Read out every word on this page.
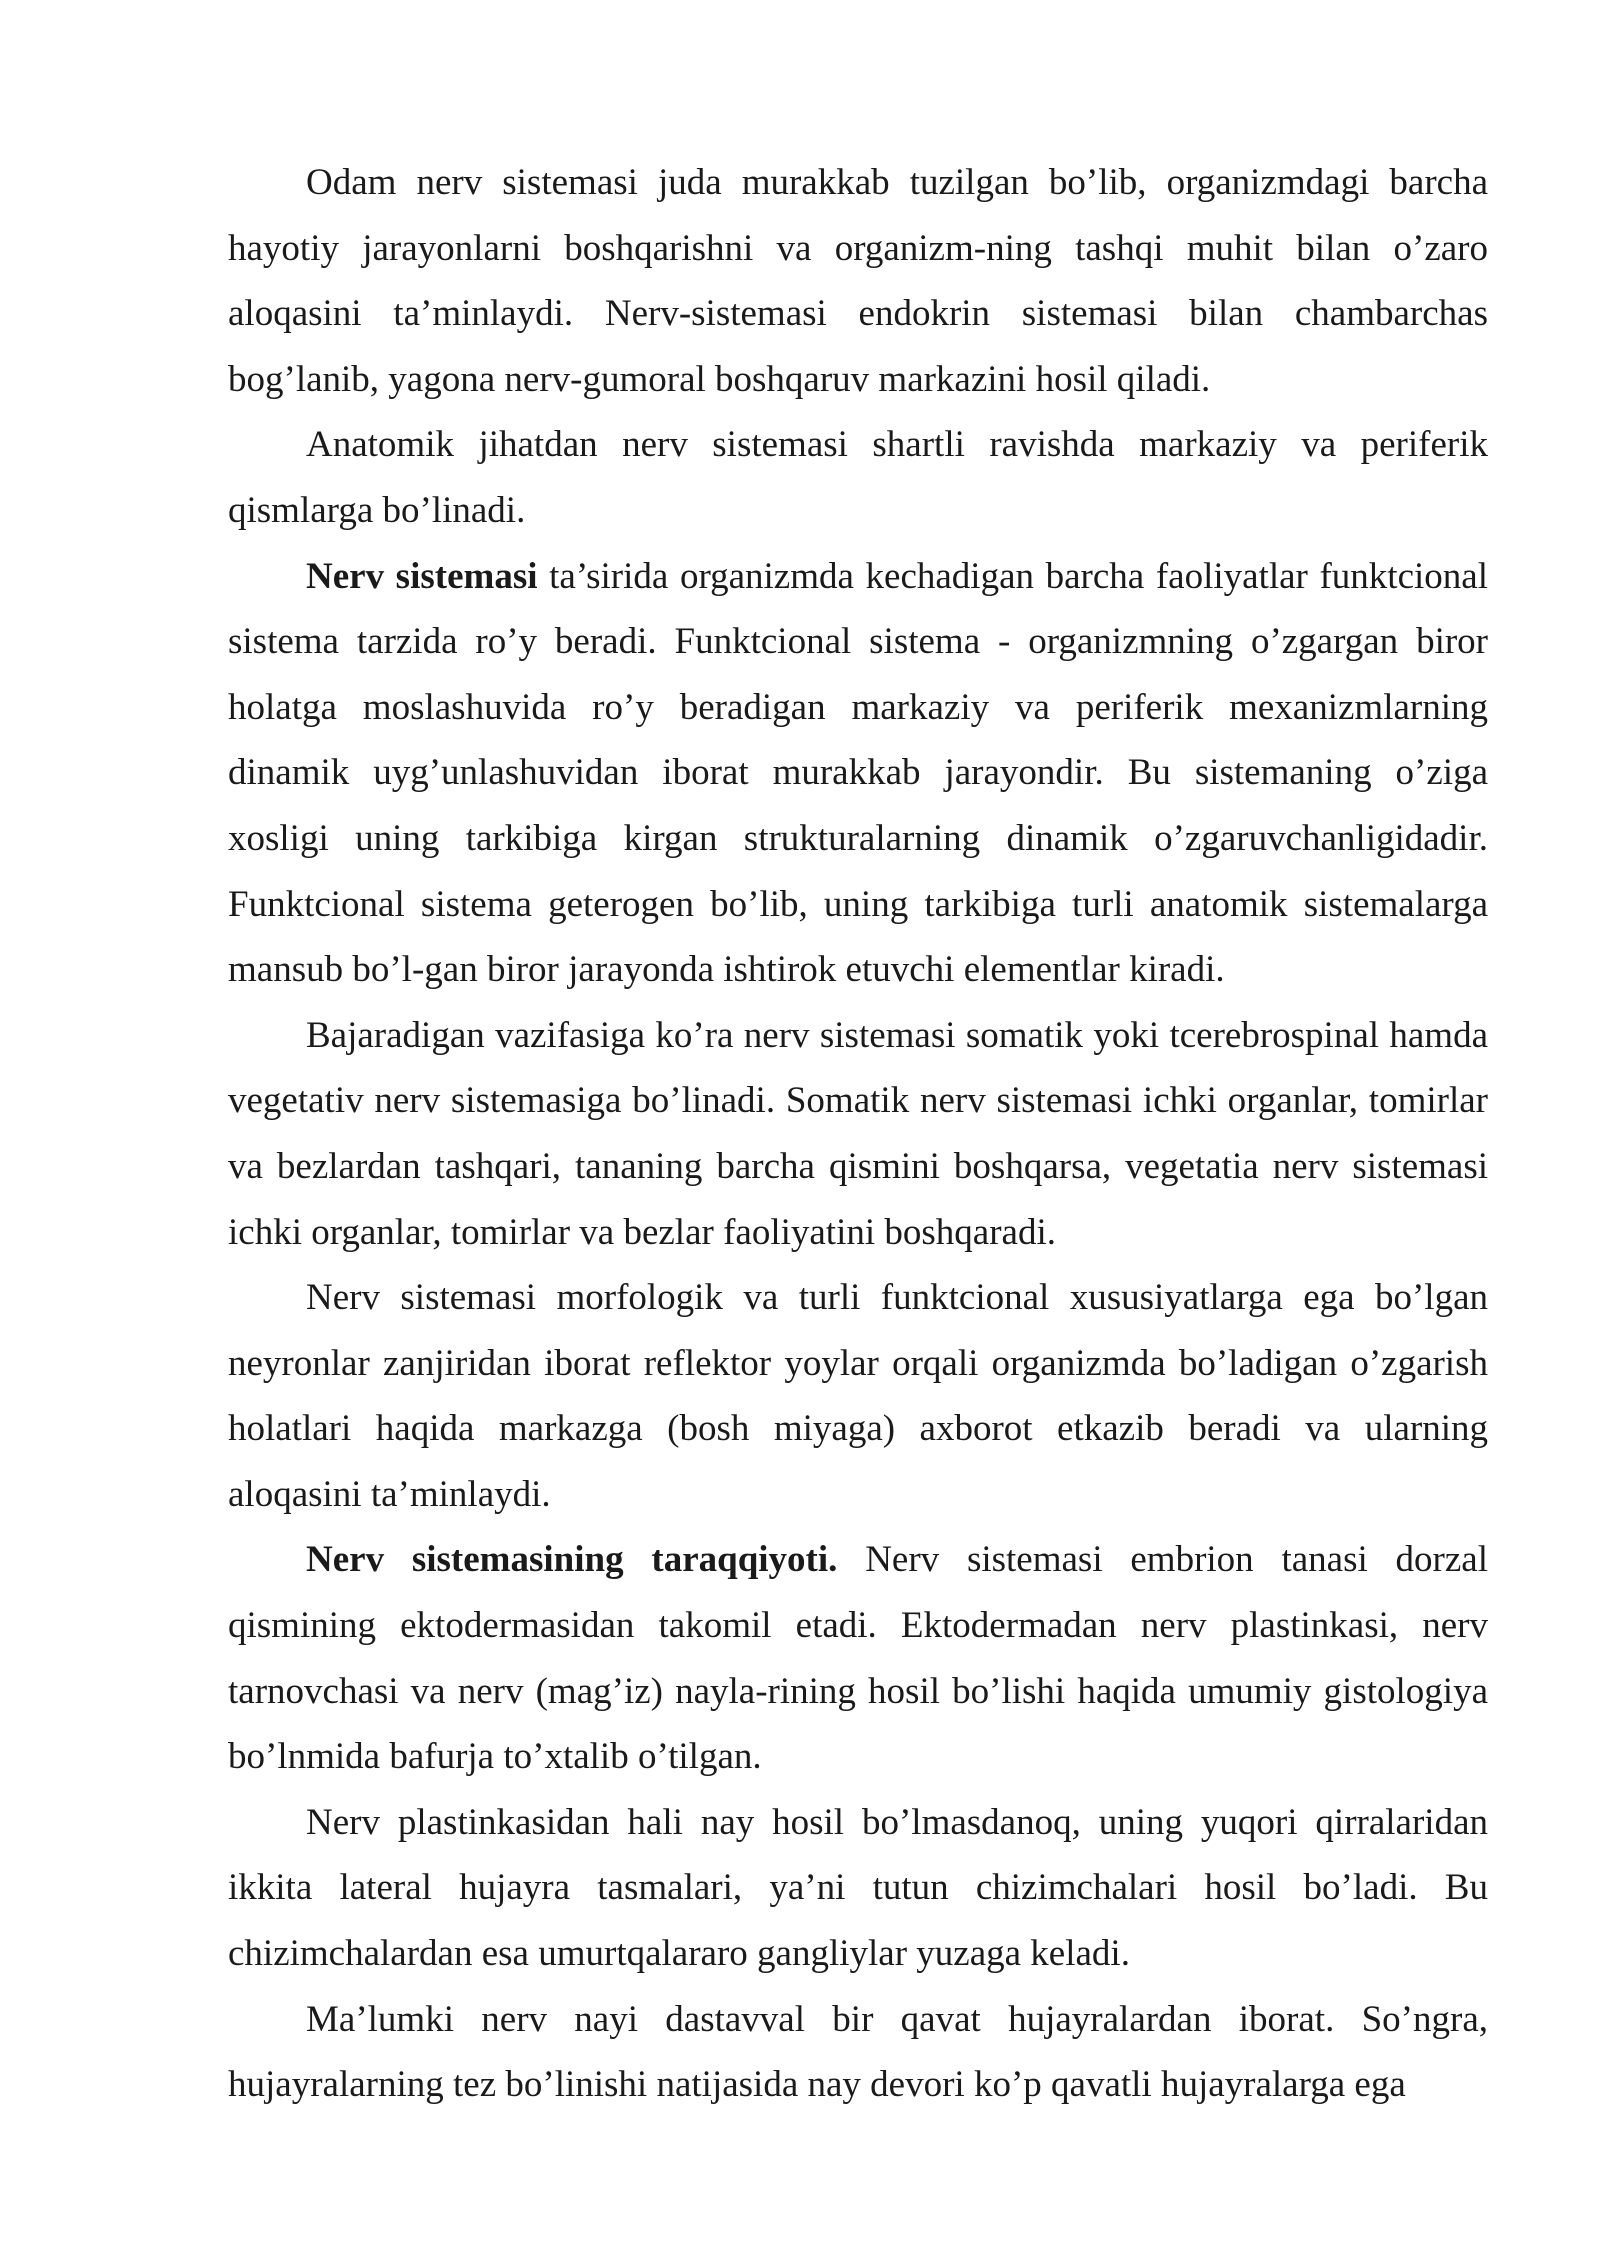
Odam nerv sistemasi juda murakkab tuzilgan bo’lib, organizmdagi barcha hayotiy jarayonlarni boshqarishni va organizm-ning tashqi muhit bilan o’zaro aloqasini ta’minlaydi. Nerv-sistemasi endokrin sistemasi bilan chambarchas bog’lanib, yagona nerv-gumoral boshqaruv markazini hosil qiladi.

Anatomik jihatdan nerv sistemasi shartli ravishda markaziy va periferik qismlarga bo’linadi.

Nerv sistemasi ta’sirida organizmda kechadigan barcha faoliyatlar funktcional sistema tarzida ro’y beradi. Funktcional sistema - organizmning o’zgargan biror holatga moslashuvida ro’y beradigan markaziy va periferik mexanizmlarning dinamik uyg’unlashuvidan iborat murakkab jarayondir. Bu sistemaning o’ziga xosligi uning tarkibiga kirgan strukturalarning dinamik o’zgaruvchanligidadir. Funktcional sistema geterogen bo’lib, uning tarkibiga turli anatomik sistemalarga mansub bo’l-gan biror jarayonda ishtirok etuvchi elementlar kiradi.

Bajaradigan vazifasiga ko’ra nerv sistemasi somatik yoki tcerebrospinal hamda vegetativ nerv sistemasiga bo’linadi. Somatik nerv sistemasi ichki organlar, tomirlar va bezlardan tashqari, tananing barcha qismini boshqarsa, vegetatia nerv sistemasi ichki organlar, tomirlar va bezlar faoliyatini boshqaradi.

Nerv sistemasi morfologik va turli funktcional xususiyatlarga ega bo’lgan neyronlar zanjiridan iborat reflektor yoylar orqali organizmda bo’ladigan o’zgarish holatlari haqida markazga (bosh miyaga) axborot etkazib beradi va ularning aloqasini ta’minlaydi.

Nerv sistemasining taraqqiyoti. Nerv sistemasi embrion tanasi dorzal qismining ektodermasidan takomil etadi. Ektodermadan nerv plastinkasi, nerv tarnovchasi va nerv (mag’iz) nayla-rining hosil bo’lishi haqida umumiy gistologiya bo’lnmida bafurja to’xtalib o’tilgan.

Nerv plastinkasidan hali nay hosil bo’lmasdanoq, uning yuqori qirralaridan ikkita lateral hujayra tasmalari, ya’ni tutun chizimchalari hosil bo’ladi. Bu chizimchalardan esa umurtqalararo gangliylar yuzaga keladi.

Ma’lumki nerv nayi dastavval bir qavat hujayralardan iborat. So’ngra, hujayralarning tez bo’linishi natijasida nay devori ko’p qavatli hujayralarga ega
